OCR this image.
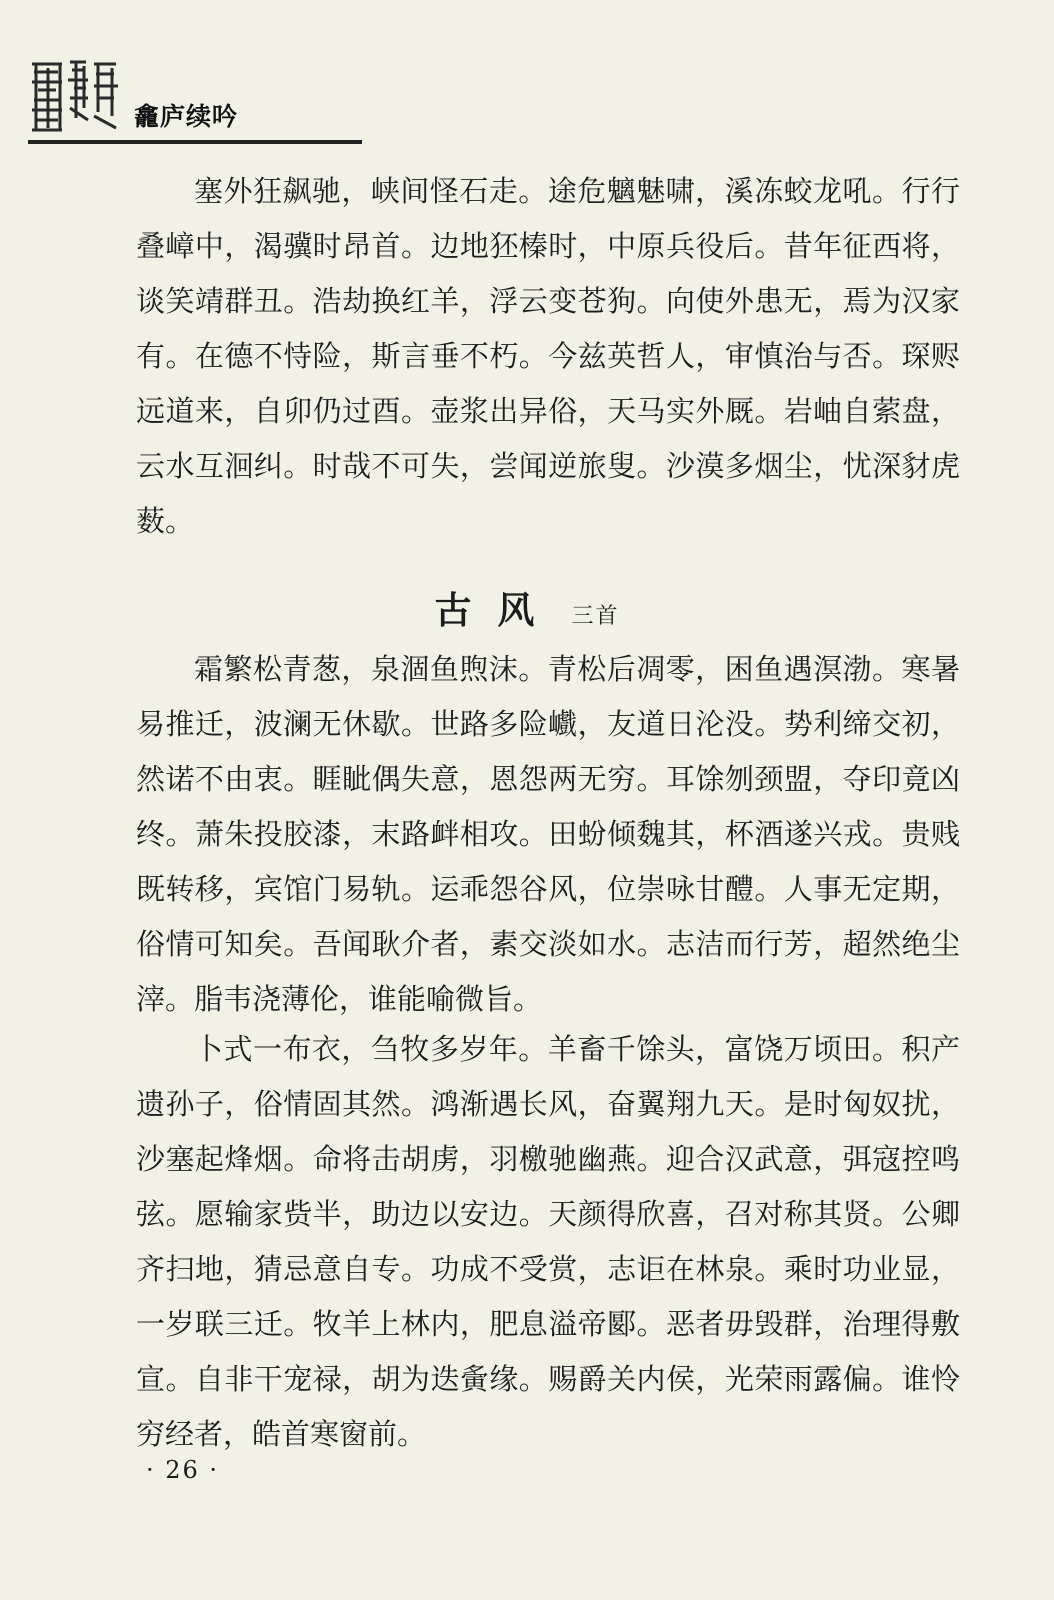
龕庐续吟

塞外狂飙驰，峡间怪石走。途危魑魅啸，溪冻蛟龙吼。行行叠嶂中，渴骥时昂首。边地狉榛时，中原兵役后。昔年征西将，谈笑靖群丑。浩劫换红羊，浮云变苍狗。向使外患无，焉为汉家有。在德不恃险，斯言垂不朽。今兹英哲人，审慎治与否。琛赆远道来，自卯仍过酉。壶浆出异俗，天马实外厩。岩岫自萦盘，云水互洄纠。时哉不可失，尝闻逆旅叟。沙漠多烟尘，忧深豺虎薮。

古风 三首

霜繁松青葱，泉涸鱼煦沫。青松后凋零，困鱼遇溟渤。寒暑易推迁，波澜无休歇。世路多险巇，友道日沦没。势利缔交初，然诺不由衷。睚眦偶失意，恩怨两无穷。耳馀刎颈盟，夺印竟凶终。萧朱投胶漆，末路衅相攻。田蚡倾魏其，杯酒遂兴戎。贵贱既转移，宾馆门易轨。运乖怨谷风，位崇咏甘醴。人事无定期，俗情可知矣。吾闻耿介者，素交淡如水。志洁而行芳，超然绝尘滓。脂韦浇薄伦，谁能喻微旨。

卜式一布衣，刍牧多岁年。羊畜千馀头，富饶万顷田。积产遗孙子，俗情固其然。鸿渐遇长风，奋翼翔九天。是时匈奴扰，沙塞起烽烟。命将击胡虏，羽檄驰幽燕。迎合汉武意，弭寇控鸣弦。愿输家赀半，助边以安边。天颜得欣喜，召对称其贤。公卿齐扫地，猜忌意自专。功成不受赏，志讵在林泉。乘时功业显，一岁联三迁。牧羊上林内，肥息溢帝郾。恶者毋毁群，治理得敷宣。自非干宠禄，胡为迭夤缘。赐爵关内侯，光荣雨露偏。谁怜穷经者，皓首寒窗前。

· 26 ·
